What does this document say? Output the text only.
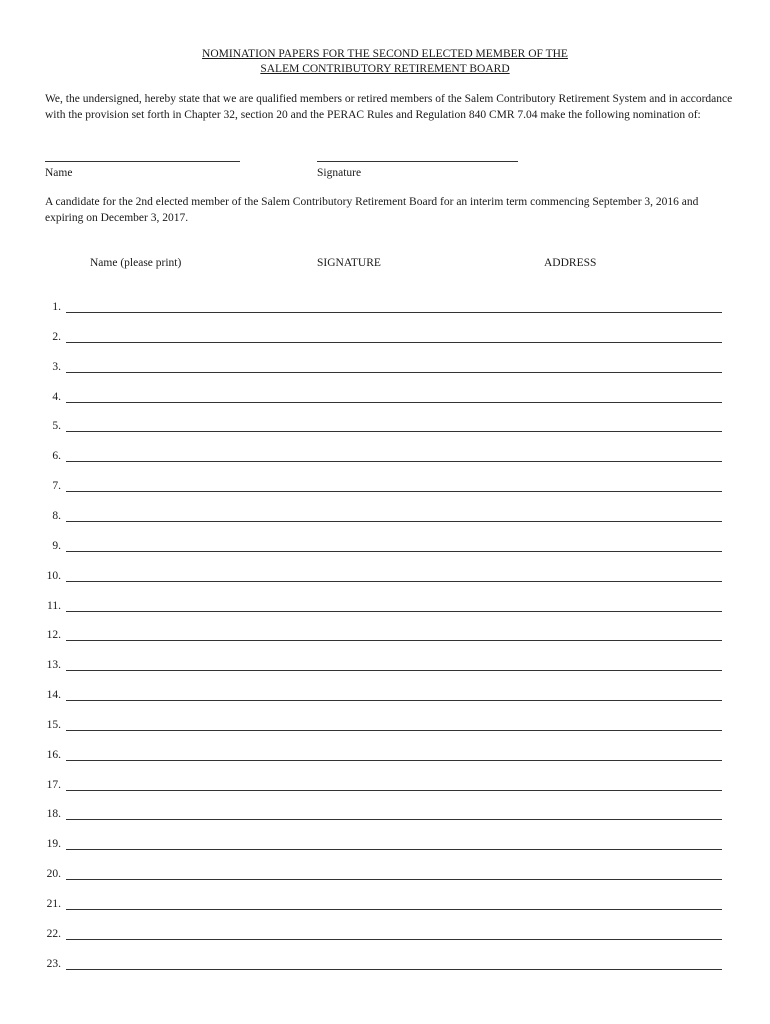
NOMINATION PAPERS FOR THE SECOND ELECTED MEMBER OF THE
SALEM CONTRIBUTORY RETIREMENT BOARD

We, the undersigned, hereby state that we are qualified members or retired members of the Salem Contributory Retirement System and in accordance with the provision set forth in Chapter 32, section 20 and the PERAC Rules and Regulation 840 CMR 7.04 make the following nomination of:

Name	Signature

A candidate for the 2nd elected member of the Salem Contributory Retirement Board for an interim term commencing September 3, 2016 and expiring on December 3, 2017.

Name (please print)	SIGNATURE	ADDRESS
1.
2.
3.
4.
5.
6.
7.
8.
9.
10.
11.
12.
13.
14.
15.
16.
17.
18.
19.
20.
21.
22.
23.
